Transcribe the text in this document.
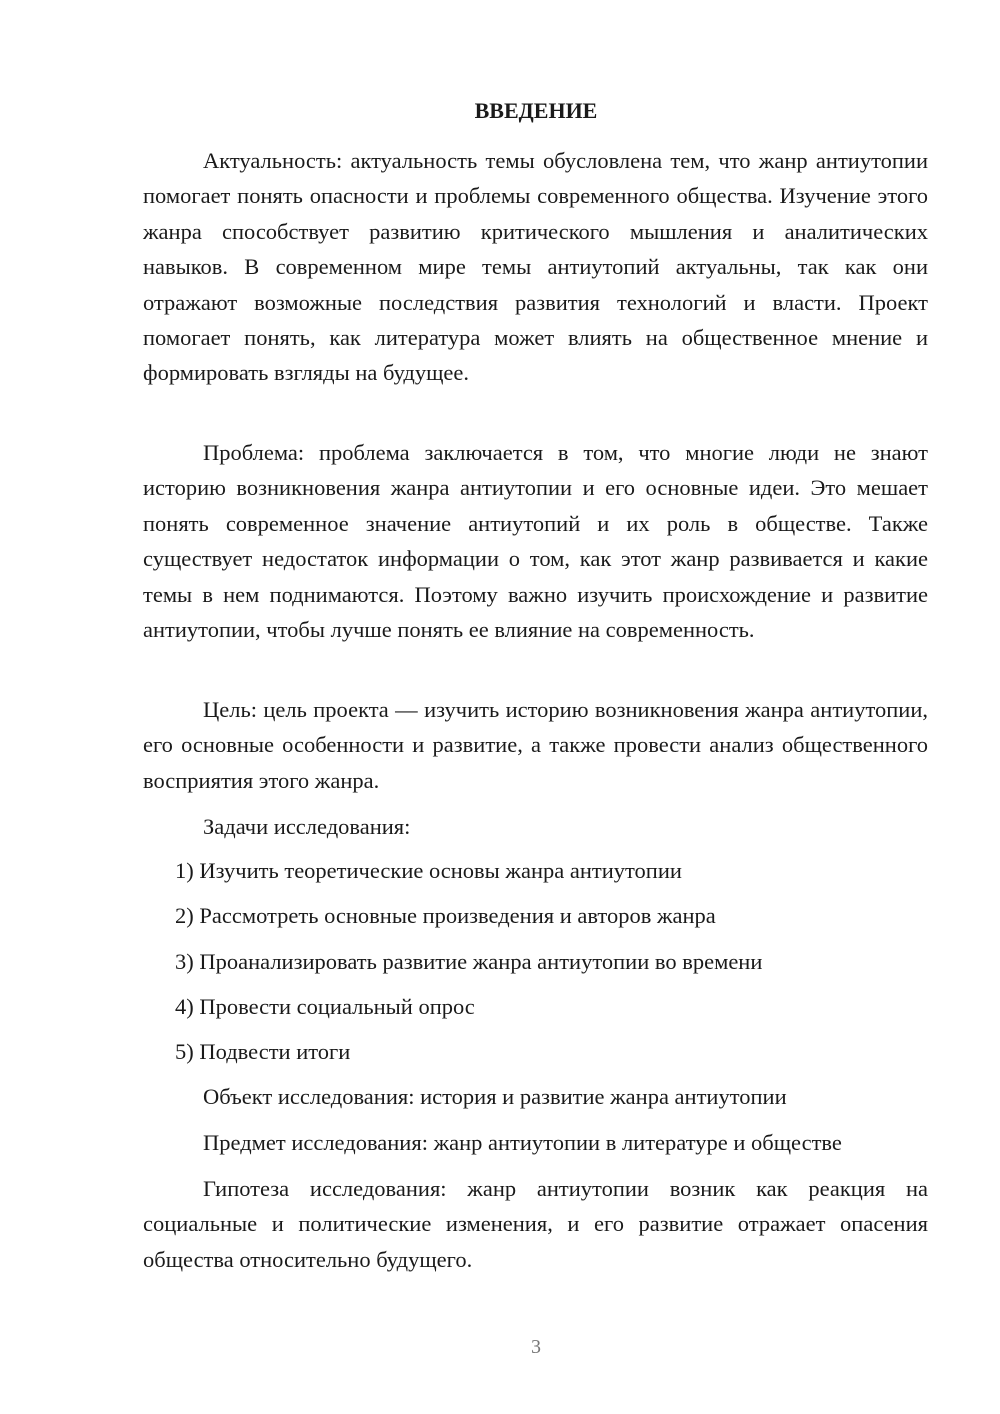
ВВЕДЕНИЕ

Актуальность: актуальность темы обусловлена тем, что жанр антиутопии помогает понять опасности и проблемы современного общества. Изучение этого жанра способствует развитию критического мышления и аналитических навыков. В современном мире темы антиутопий актуальны, так как они отражают возможные последствия развития технологий и власти. Проект помогает понять, как литература может влиять на общественное мнение и формировать взгляды на будущее.

Проблема: проблема заключается в том, что многие люди не знают историю возникновения жанра антиутопии и его основные идеи. Это мешает понять современное значение антиутопий и их роль в обществе. Также существует недостаток информации о том, как этот жанр развивается и какие темы в нем поднимаются. Поэтому важно изучить происхождение и развитие антиутопии, чтобы лучше понять ее влияние на современность.

Цель: цель проекта — изучить историю возникновения жанра антиутопии, его основные особенности и развитие, а также провести анализ общественного восприятия этого жанра.

Задачи исследования:

1) Изучить теоретические основы жанра антиутопии

2) Рассмотреть основные произведения и авторов жанра

3) Проанализировать развитие жанра антиутопии во времени

4) Провести социальный опрос

5) Подвести итоги

Объект исследования: история и развитие жанра антиутопии

Предмет исследования: жанр антиутопии в литературе и обществе

Гипотеза исследования: жанр антиутопии возник как реакция на социальные и политические изменения, и его развитие отражает опасения общества относительно будущего.

3
